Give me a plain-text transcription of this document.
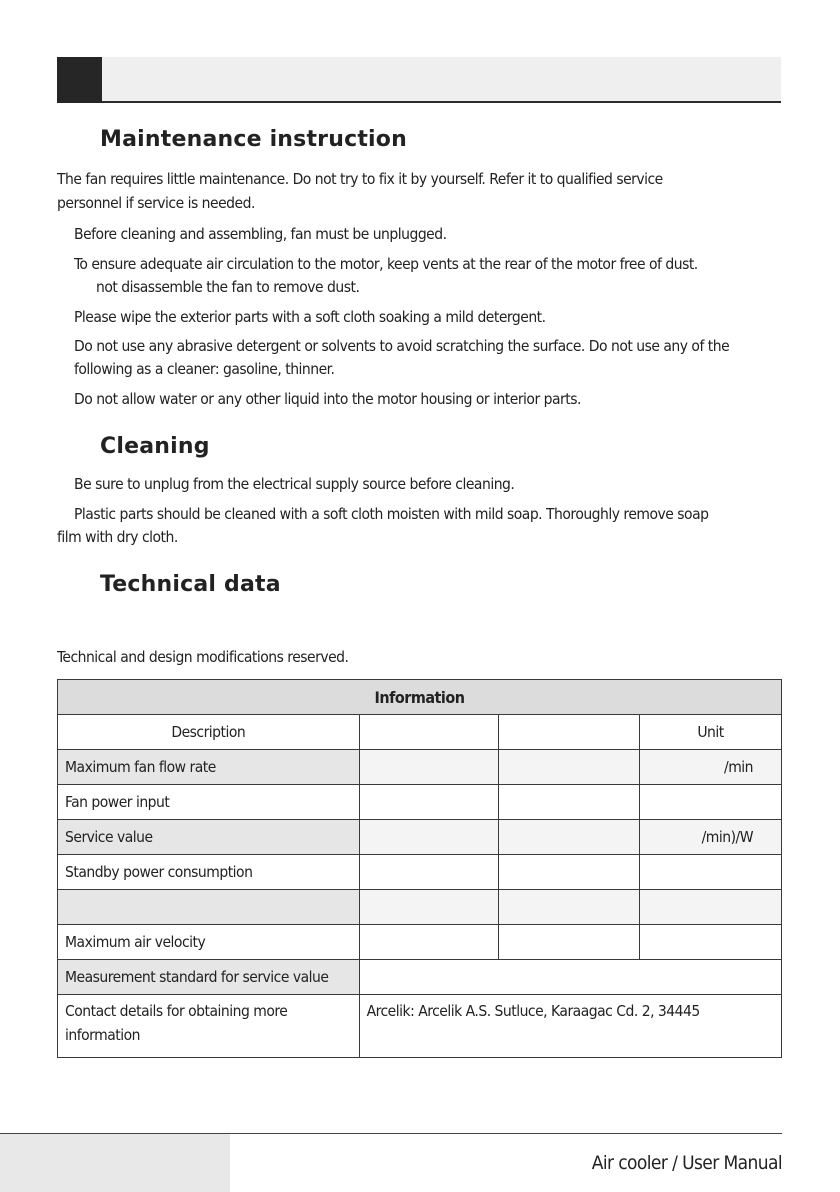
Maintenance instruction
The fan requires little maintenance. Do not try to fix it by yourself. Refer it to qualified service
personnel if service is needed.
Before cleaning and assembling, fan must be unplugged.
To ensure adequate air circulation to the motor, keep vents at the rear of the motor free of dust.
not disassemble the fan to remove dust.
Please wipe the exterior parts with a soft cloth soaking a mild detergent.
Do not use any abrasive detergent or solvents to avoid scratching the surface. Do not use any of the
following as a cleaner: gasoline, thinner.
Do not allow water or any other liquid into the motor housing or interior parts.
Cleaning
Be sure to unplug from the electrical supply source before cleaning.
Plastic parts should be cleaned with a soft cloth moisten with mild soap. Thoroughly remove soap
film with dry cloth.
Technical data
Technical and design modifications reserved.
Information			
Description			Unit
Maximum fan flow rate			/min
Fan power input			
Service value			/min)/W
Standby power consumption			

Maximum air velocity			
Measurement standard for service value			
Contact details for obtaining more
information	Arcelik: Arcelik A.S. Sutluce, Karaagac Cd. 2, 34445		
Air cooler / User Manual
